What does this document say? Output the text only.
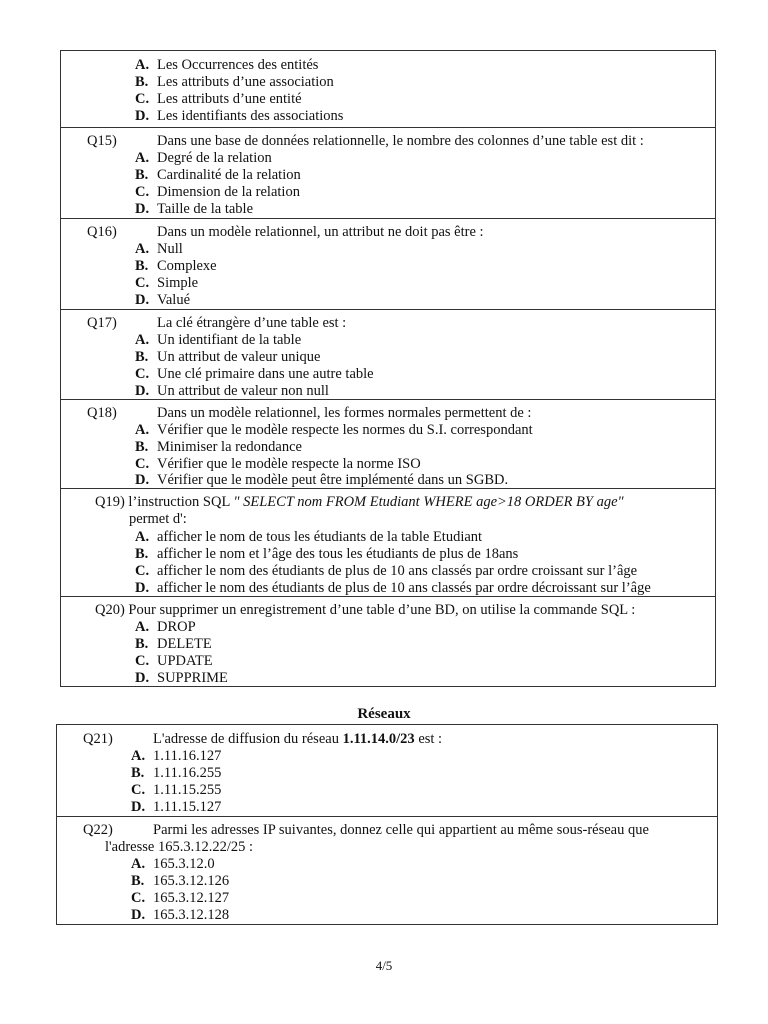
A. Les Occurrences des entités
B. Les attributs d’une association
C. Les attributs d’une entité
D. Les identifiants des associations
Q15)	Dans une base de données relationnelle, le nombre des colonnes d’une table est dit :
A. Degré de la relation
B. Cardinalité de la relation
C. Dimension de la relation
D. Taille de la table
Q16)	Dans un modèle relationnel, un attribut ne doit pas être :
A. Null
B. Complexe
C. Simple
D. Valué
Q17)	La clé étrangère d’une table est :
A. Un identifiant de la table
B. Un attribut de valeur unique
C. Une clé primaire dans une autre table
D. Un attribut de valeur non null
Q18)	Dans un modèle relationnel, les formes normales permettent de :
A. Vérifier que le modèle respecte les normes du S.I. correspondant
B. Minimiser la redondance
C. Vérifier que le modèle respecte la norme ISO
D. Vérifier que le modèle peut être implémenté dans un SGBD.
Q19) l’instruction SQL " SELECT nom FROM Etudiant WHERE age>18 ORDER BY age"
permet d':
A. afficher le nom de tous les étudiants de la table Etudiant
B. afficher le nom et l’âge des tous les étudiants de plus de 18ans
C. afficher le nom des étudiants de plus de 10 ans classés par ordre croissant sur l’âge
D. afficher le nom des étudiants de plus de 10 ans classés par ordre décroissant sur l’âge
Q20) Pour supprimer un enregistrement d’une table d’une BD, on utilise la commande SQL :
A. DROP
B. DELETE
C. UPDATE
D. SUPPRIME
Réseaux
Q21)	L'adresse de diffusion du réseau 1.11.14.0/23 est :
A. 1.11.16.127
B. 1.11.16.255
C. 1.11.15.255
D. 1.11.15.127
Q22)	Parmi les adresses IP suivantes, donnez celle qui appartient au même sous-réseau que
l'adresse 165.3.12.22/25 :
A. 165.3.12.0
B. 165.3.12.126
C. 165.3.12.127
D. 165.3.12.128
4/5
